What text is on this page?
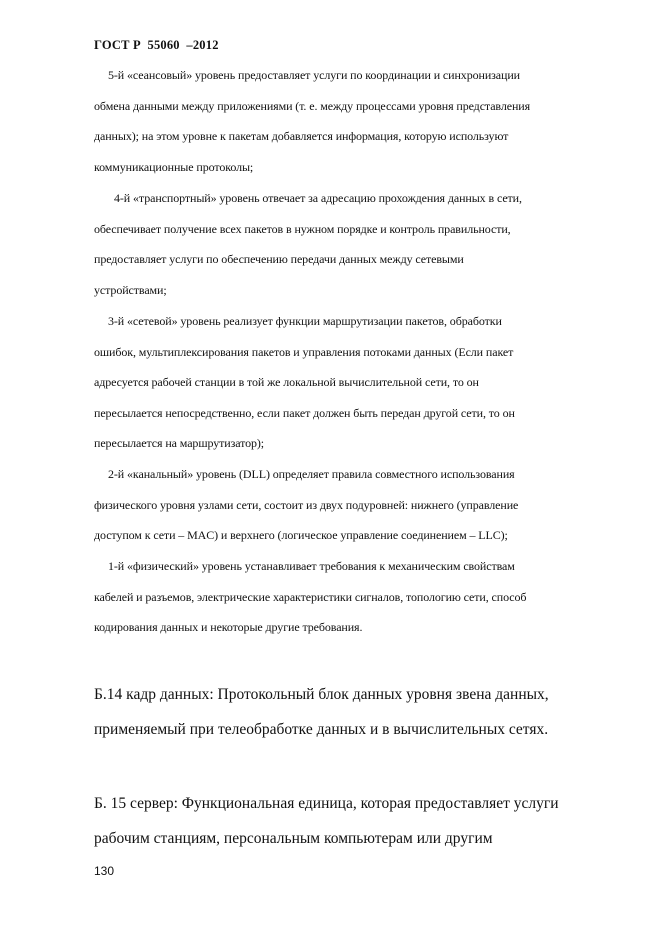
ГОСТ Р  55060  –2012

5-й «сеансовый» уровень предоставляет услуги по координации и синхронизации

обмена данными между приложениями (т. е. между процессами уровня представления

данных); на этом уровне к пакетам добавляется информация, которую используют

коммуникационные протоколы;

4-й «транспортный» уровень отвечает за адресацию прохождения данных в сети,

обеспечивает получение всех пакетов в нужном порядке и контроль правильности,

предоставляет услуги по обеспечению передачи данных между сетевыми

устройствами;

3-й «сетевой» уровень реализует функции маршрутизации пакетов, обработки

ошибок, мультиплексирования пакетов и управления потоками данных (Если пакет

адресуется рабочей станции в той же локальной вычислительной сети, то он

пересылается непосредственно, если пакет должен быть передан другой сети, то он

пересылается на маршрутизатор);

2-й «канальный» уровень (DLL) определяет правила совместного использования

физического уровня узлами сети, состоит из двух подуровней: нижнего (управление

доступом к сети – MAC) и верхнего (логическое управление соединением – LLC);

1-й «физический» уровень устанавливает требования к механическим свойствам

кабелей и разъемов, электрические характеристики сигналов, топологию сети, способ

кодирования данных и некоторые другие требования.

Б.14 кадр данных: Протокольный блок данных уровня звена данных,

применяемый при телеобработке данных и в вычислительных сетях.

Б. 15 сервер: Функциональная единица, которая предоставляет услуги

рабочим станциям, персональным компьютерам или другим

130
